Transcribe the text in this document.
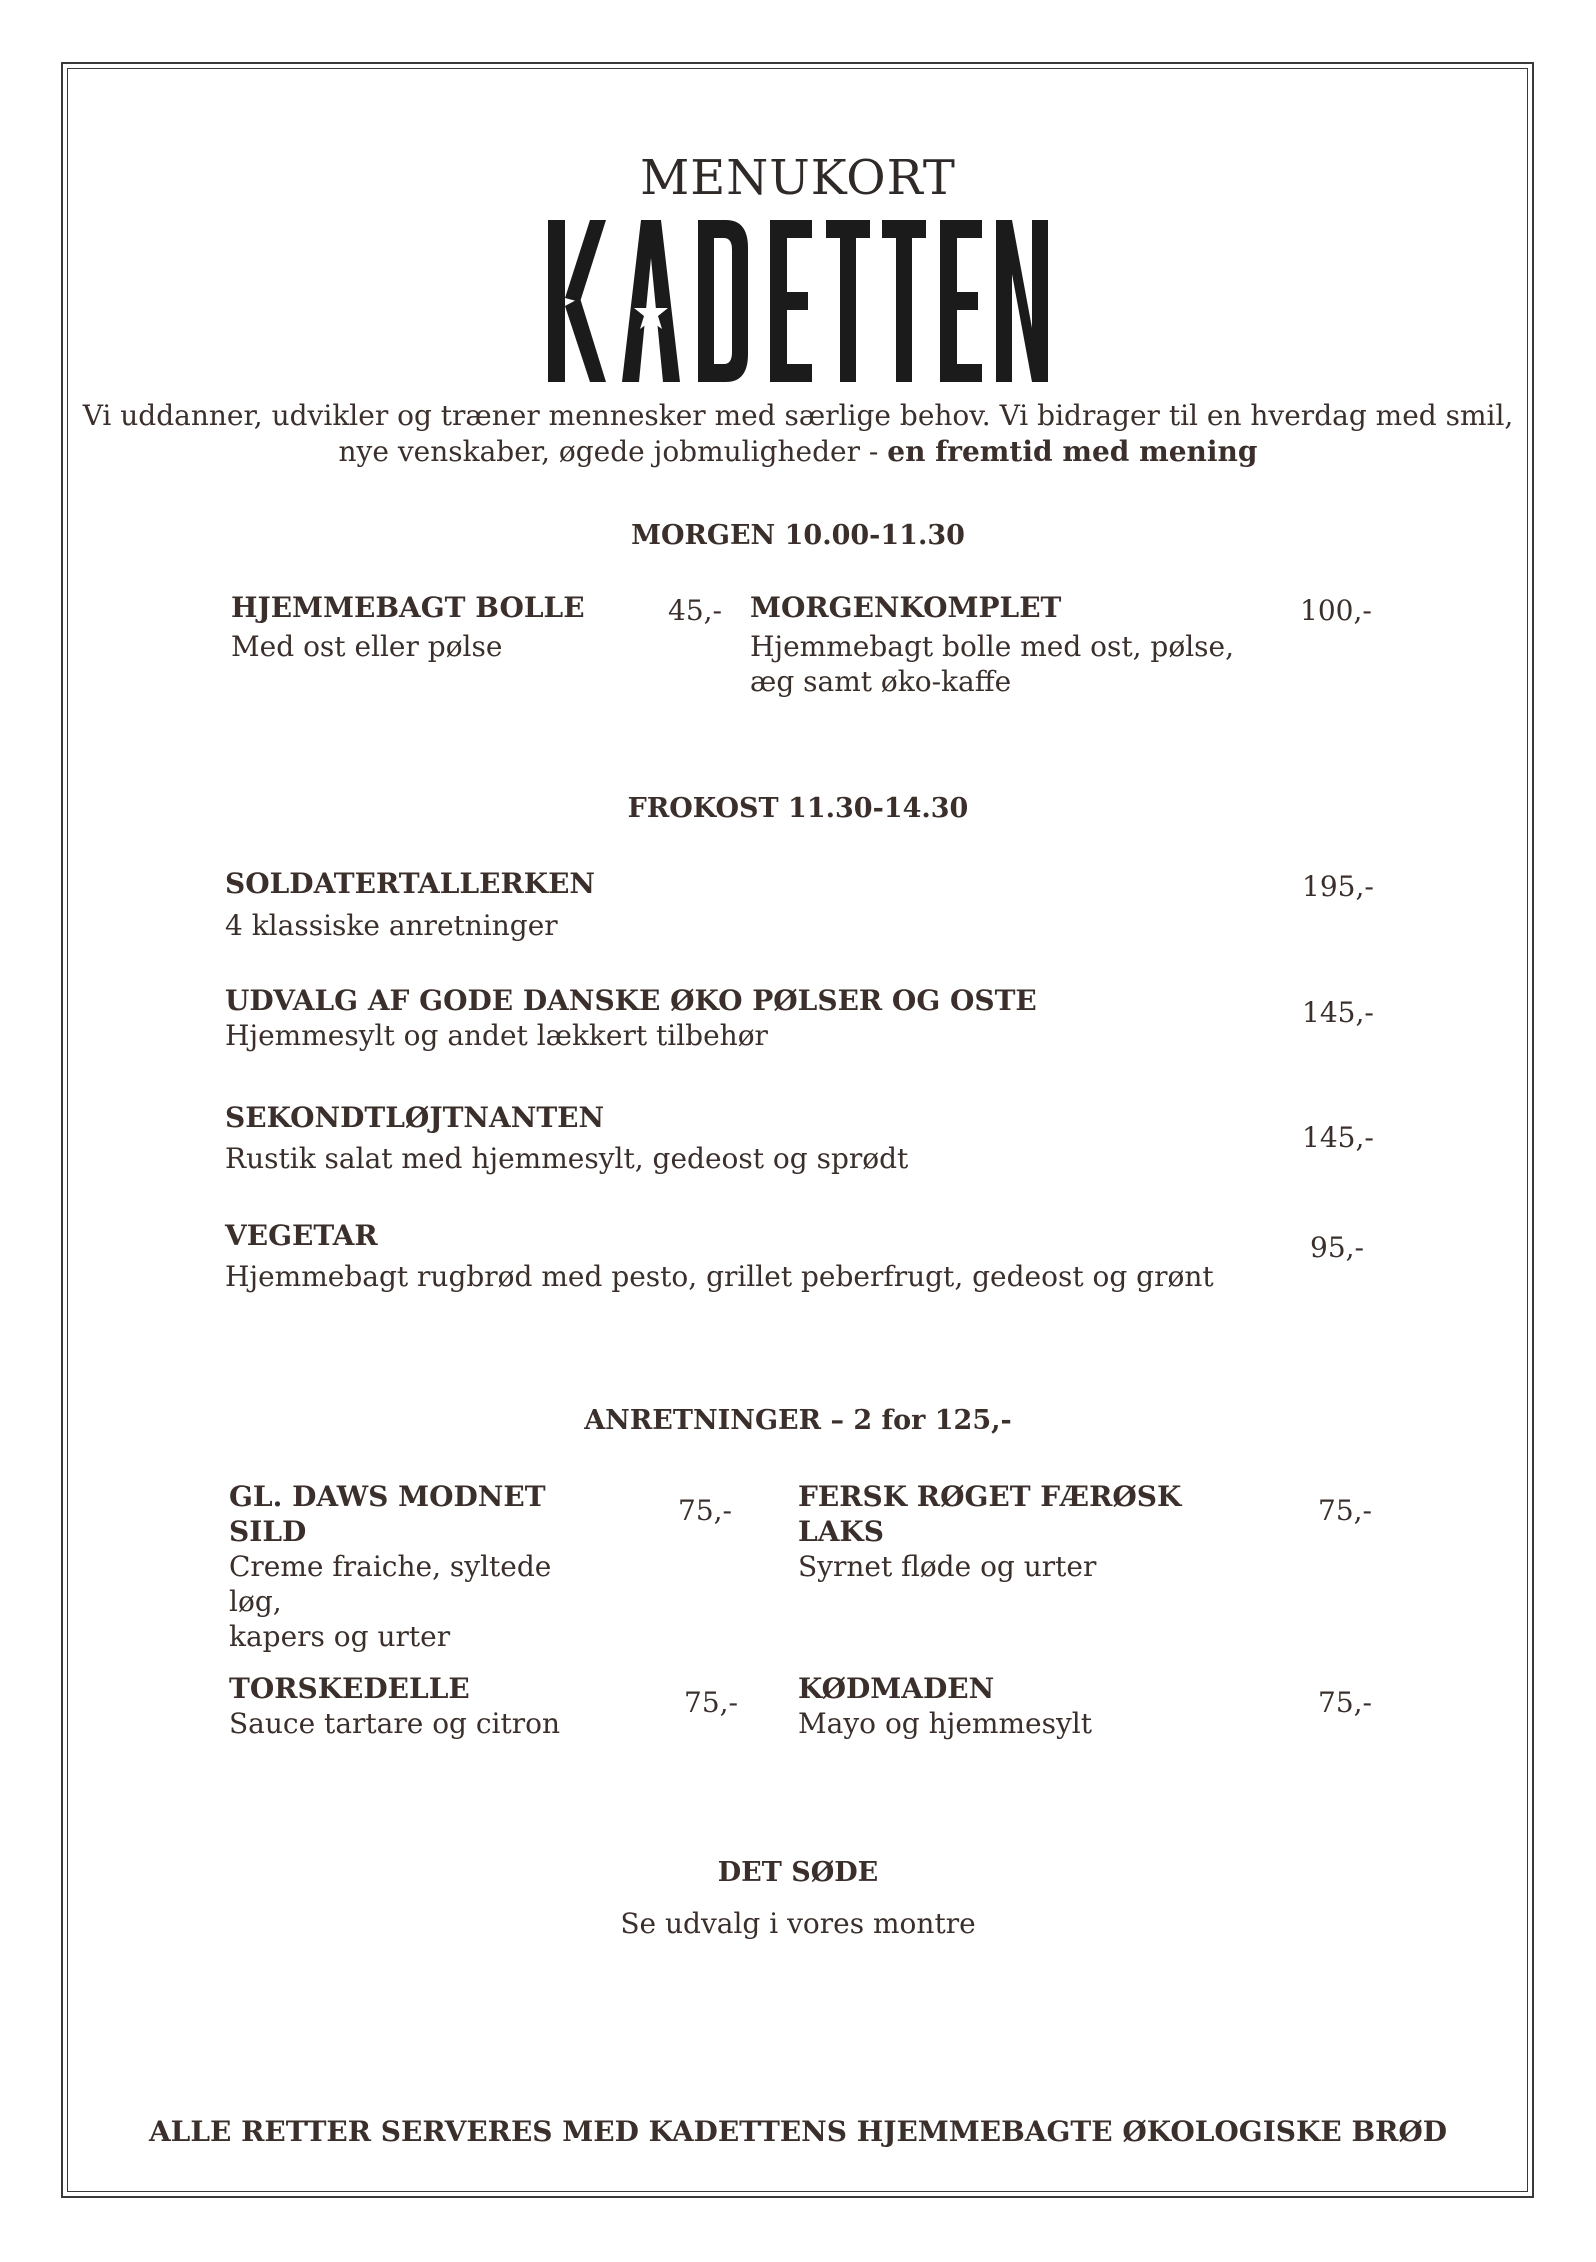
MENUKORT
Vi uddanner, udvikler og træner mennesker med særlige behov. Vi bidrager til en hverdag med smil,
nye venskaber, øgede jobmuligheder - en fremtid med mening
MORGEN 10.00-11.30
HJEMMEBAGT BOLLE
Med ost eller pølse
45,- MORGENKOMPLET
Hjemmebagt bolle med ost, pølse,
æg samt øko-kaffe
100,-
FROKOST 11.30-14.30
SOLDATERTALLERKEN
4 klassiske anretninger
195,-
UDVALG AF GODE DANSKE ØKO PØLSER OG OSTE
Hjemmesylt og andet lækkert tilbehør
145,-
SEKONDTLØJTNANTEN
Rustik salat med hjemmesylt, gedeost og sprødt
145,-
VEGETAR
Hjemmebagt rugbrød med pesto, grillet peberfrugt, gedeost og grønt
95,-
ANRETNINGER – 2 for 125,-
GL. DAWS MODNET
SILD
Creme fraiche, syltede løg,
kapers og urter
75,- FERSK RØGET FÆRØSK
LAKS
Syrnet fløde og urter
75,-
TORSKEDELLE
Sauce tartare og citron
75,- KØDMADEN
Mayo og hjemmesylt
75,-
DET SØDE
Se udvalg i vores montre
ALLE RETTER SERVERES MED KADETTENS HJEMMEBAGTE ØKOLOGISKE BRØD
